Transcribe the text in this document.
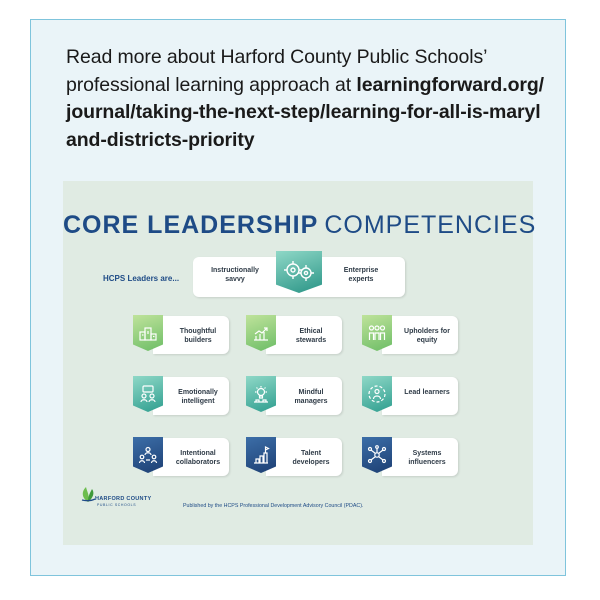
Read more about Harford County Public Schools’ professional learning approach at learningforward.org/journal/taking-the-next-step/learning-for-all-is-maryland-districts-priority
CORE LEADERSHIP COMPETENCIES
HCPS Leaders are...
Instructionally savvy
Enterprise experts
HARFORD COUNTY
PUBLIC SCHOOLS	Published by the HCPS Professional Development Advisory Council (PDAC).
Thoughtful builders
Ethical stewards
Upholders for equity
Emotionally intelligent
Mindful managers
Lead learners
Intentional collaborators
Talent developers
Systems influencers
